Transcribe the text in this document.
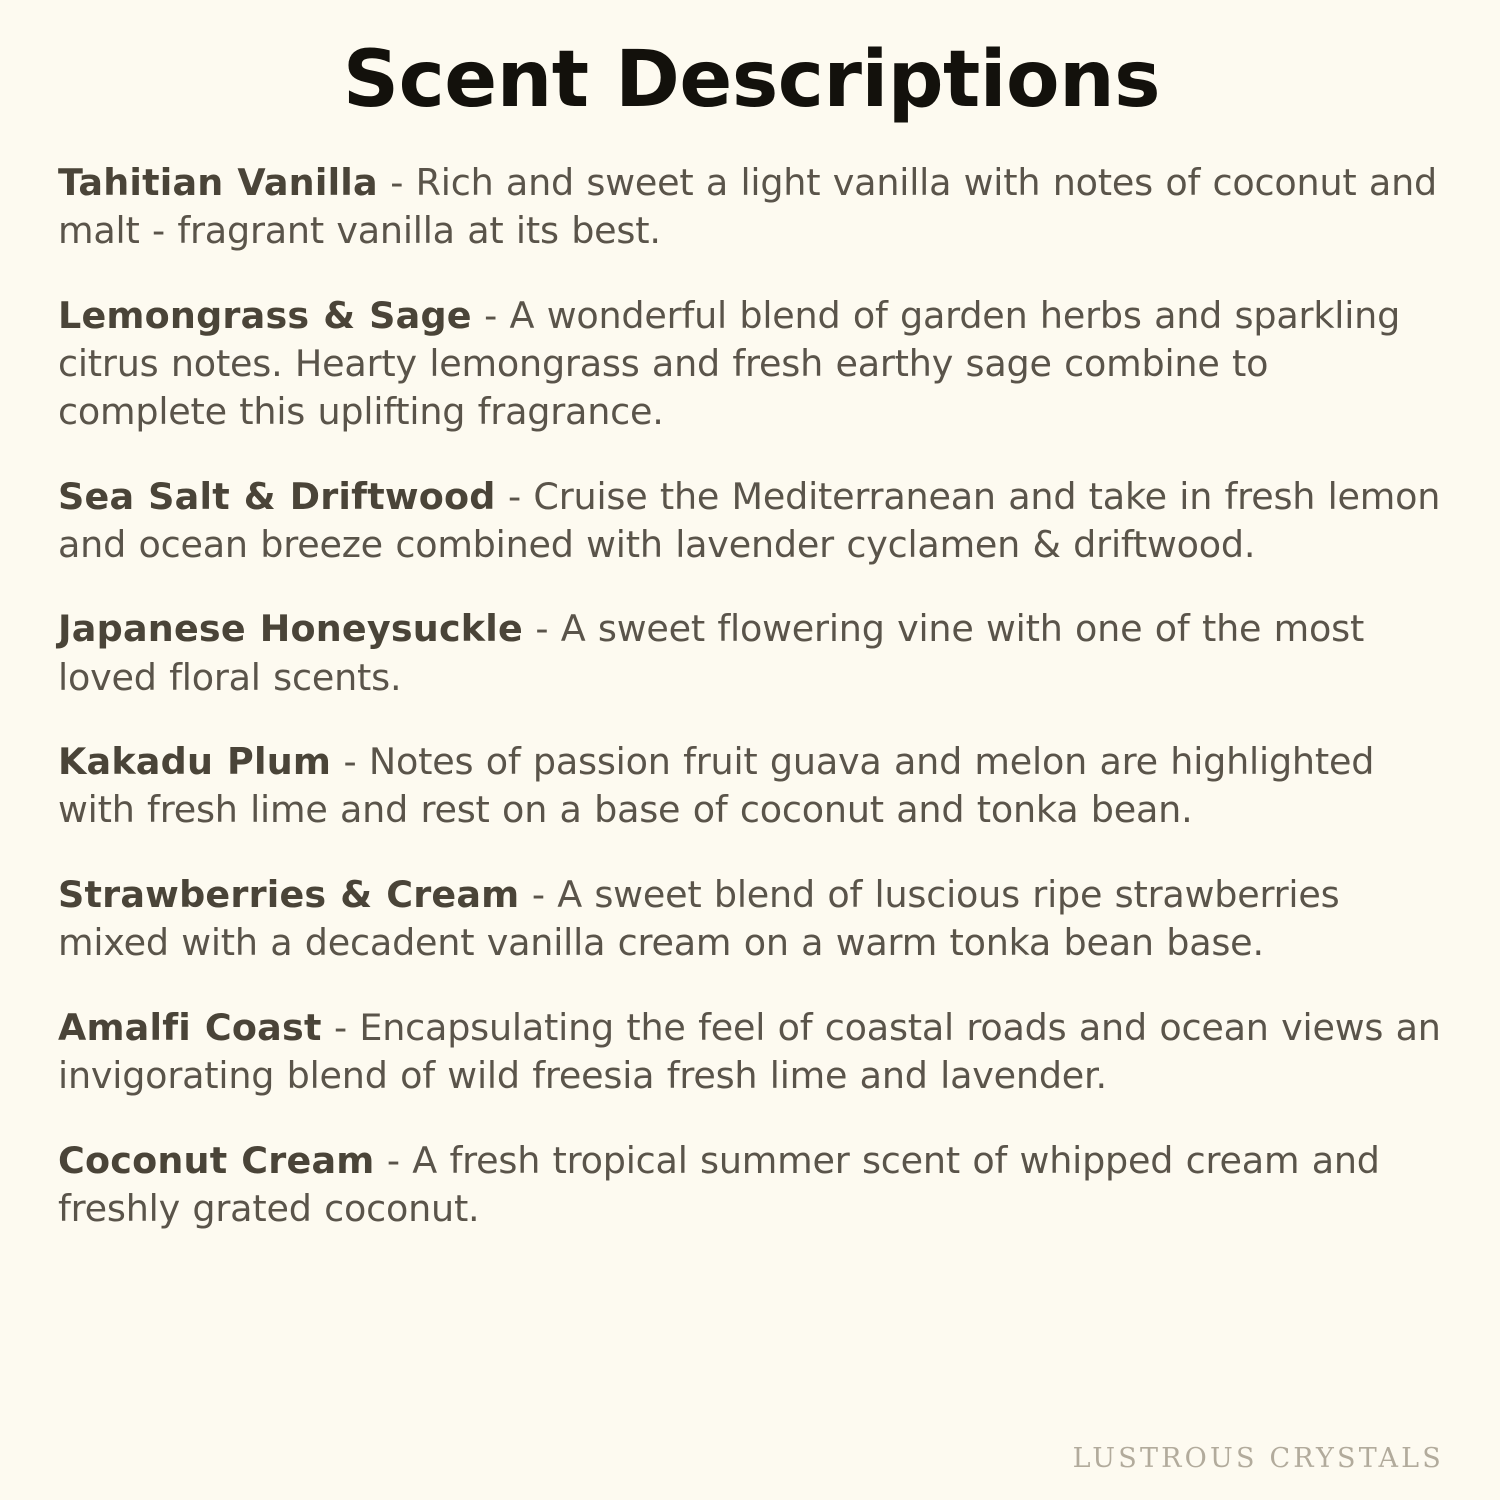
Scent Descriptions

Tahitian Vanilla - Rich and sweet a light vanilla with notes of coconut and malt - fragrant vanilla at its best.

Lemongrass & Sage - A wonderful blend of garden herbs and sparkling citrus notes. Hearty lemongrass and fresh earthy sage combine to complete this uplifting fragrance.

Sea Salt & Driftwood - Cruise the Mediterranean and take in fresh lemon and ocean breeze combined with lavender cyclamen & driftwood.

Japanese Honeysuckle - A sweet flowering vine with one of the most loved floral scents.

Kakadu Plum - Notes of passion fruit guava and melon are highlighted with fresh lime and rest on a base of coconut and tonka bean.

Strawberries & Cream - A sweet blend of luscious ripe strawberries mixed with a decadent vanilla cream on a warm tonka bean base.

Amalfi Coast - Encapsulating the feel of coastal roads and ocean views an invigorating blend of wild freesia fresh lime and lavender.

Coconut Cream - A fresh tropical summer scent of whipped cream and freshly grated coconut.

LUSTROUS CRYSTALS
